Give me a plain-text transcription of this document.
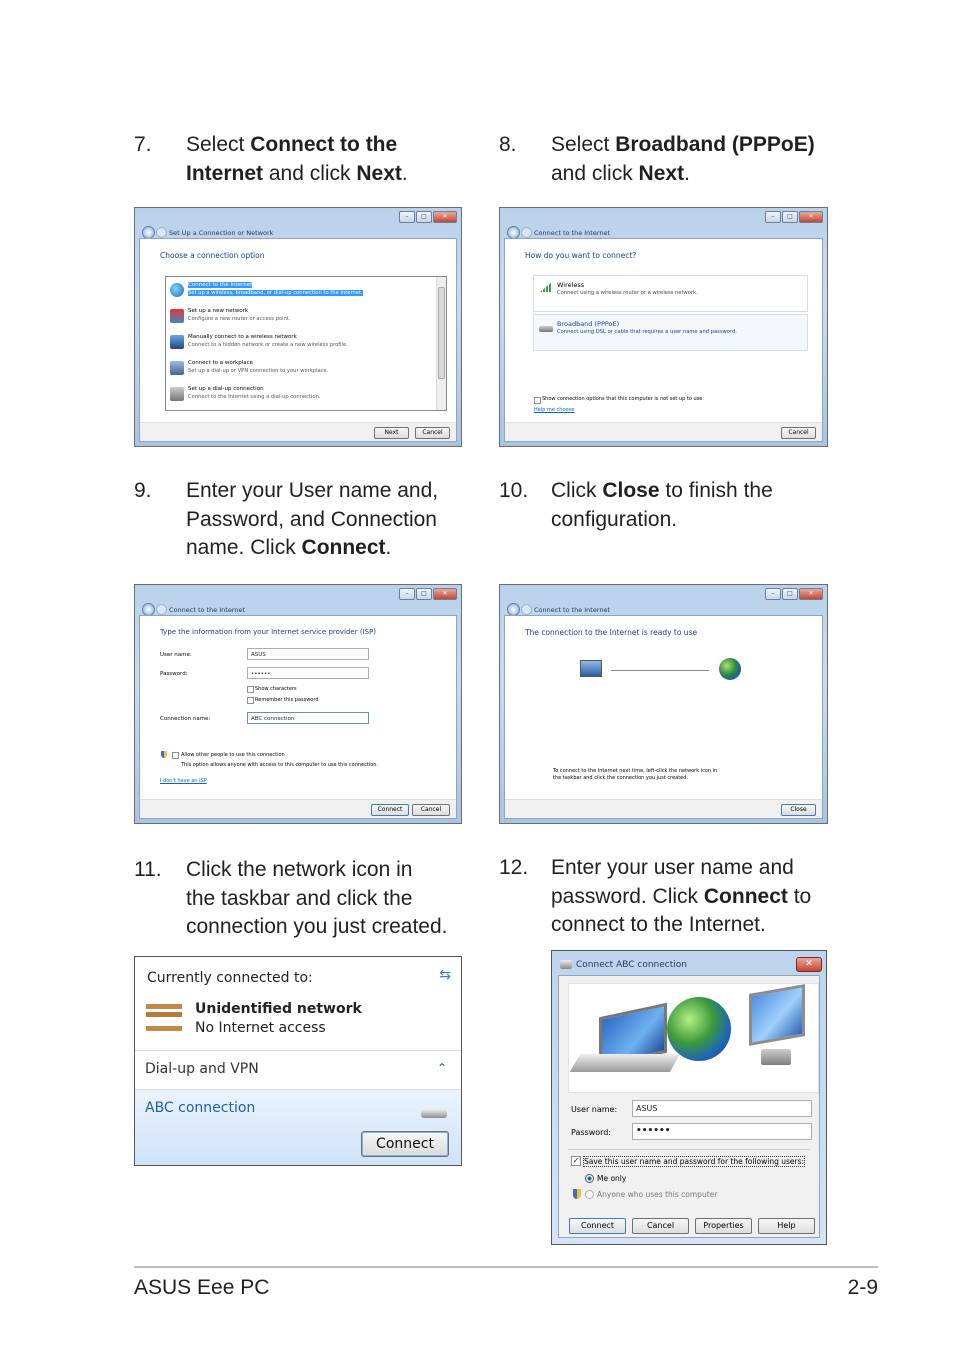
7. Select Connect to the
Internet and click Next.
8. Select Broadband (PPPoE)
and click Next.
9. Enter your User name and,
Password, and Connection
name. Click Connect.
10. Click Close to finish the
configuration.
11. Click the network icon in
the taskbar and click the
connection you just created.
12. Enter your user name and
password. Click Connect to
connect to the Internet.
Set Up a Connection or Network
–	□	✕
Choose a connection option
Connect to the Internet
Set up a wireless, broadband, or dial-up connection to the Internet.
Set up a new network
Configure a new router or access point.
Manually connect to a wireless network
Connect to a hidden network or create a new wireless profile.
Connect to a workplace
Set up a dial-up or VPN connection to your workplace.
Set up a dial-up connection
Connect to the Internet using a dial-up connection.
Next	Cancel
Connect to the Internet
–	□	✕
How do you want to connect?
Wireless
Connect using a wireless router or a wireless network.
Broadband (PPPoE)
Connect using DSL or cable that requires a user name and password.
Show connection options that this computer is not set up to use
Help me choose
Cancel
Connect to the Internet
–	□	✕
Type the information from your Internet service provider (ISP)
User name:	ASUS
Password:	••••••
Show characters
Remember this password
Connection name:	ABC connection
Allow other people to use this connection
This option allows anyone with access to this computer to use this connection.
I don't have an ISP
Connect	Cancel
Connect to the Internet
–	□	✕
The connection to the Internet is ready to use
To connect to the Internet next time, left-click the network icon in
the taskbar and click the connection you just created.
Close
Currently connected to:	⇆
Unidentified network
No Internet access
Dial-up and VPN	⌃
ABC connection
Connect
Connect ABC connection	✕
User name:	ASUS
Password:	••••••
✓ Save this user name and password for the following users:
Me only
Anyone who uses this computer
Connect	Cancel	Properties	Help
ASUS Eee PC	2-9
